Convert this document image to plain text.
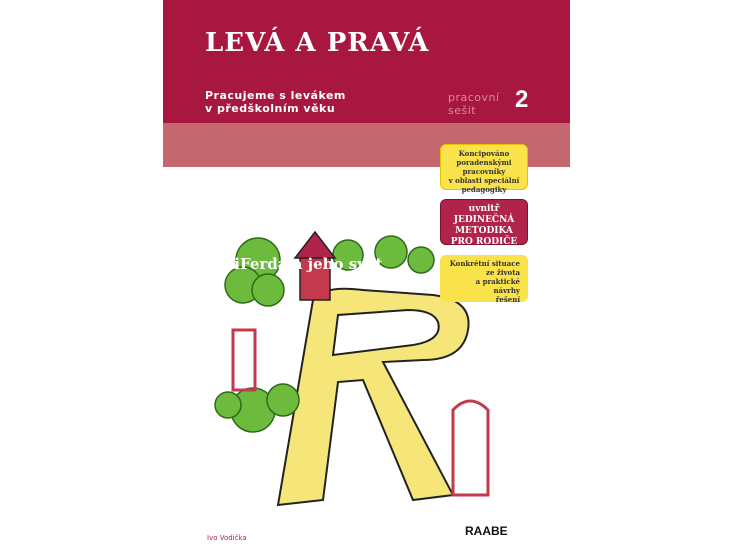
LEVÁ A PRAVÁ
Pracujeme s levákem
v předškolním věku
pracovní
sešit	2
KuliFerda a jeho svět
Koncipováno
poradenskými
pracovníky
v oblasti speciální
pedagogiky
uvnitř
JEDINEČNÁ
METODIKA
PRO RODIČE
Konkrétní situace
ze života
a praktické
návrhy
řešení
Ivo Vodička	RAABE
